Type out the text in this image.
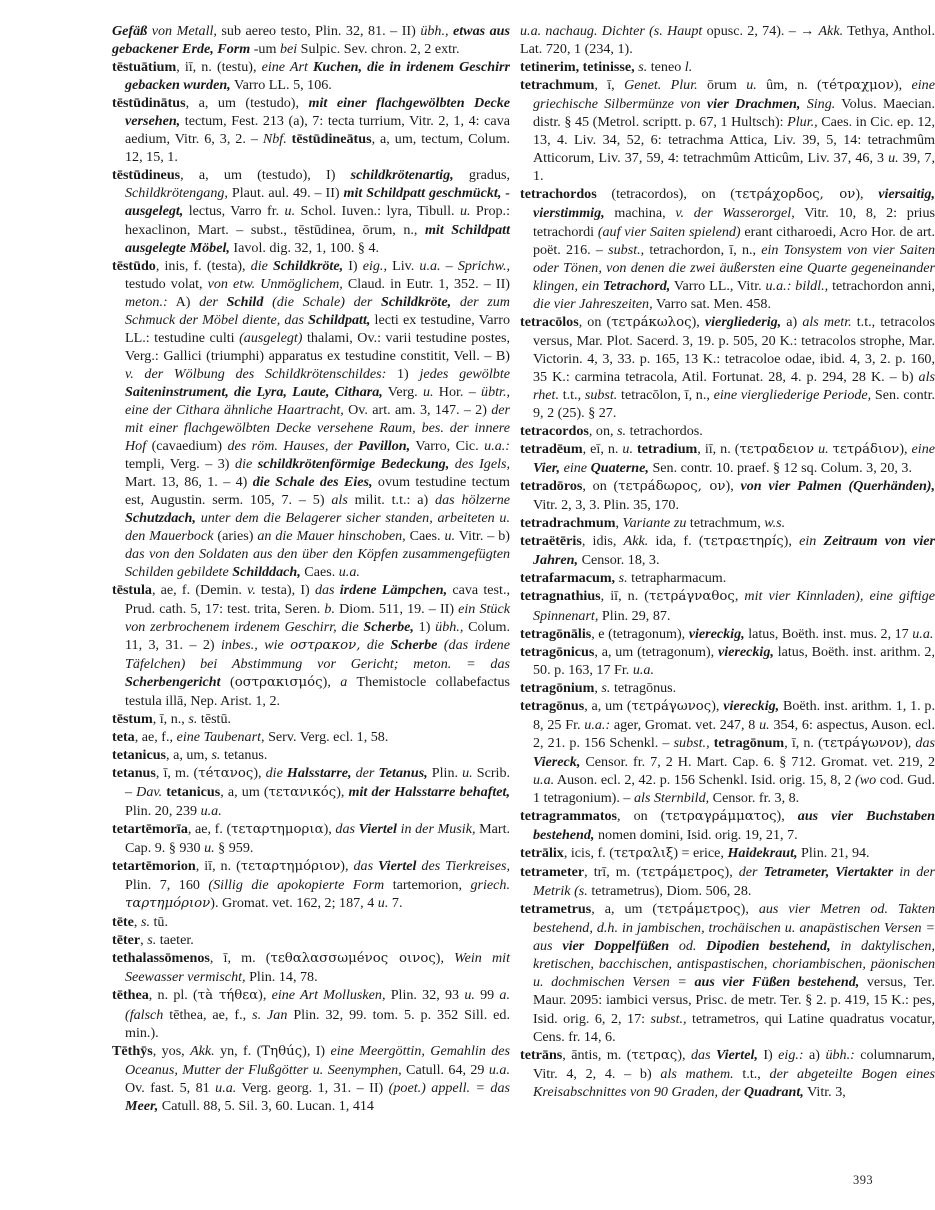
Gefäß von Metall, sub aereo testo, Plin. 32, 81. – II) übh., etwas aus gebackener Erde, Form -um bei Sulpic. Sev. chron. 2, 2 extr.

tēstuātium, iī, n. (testu), eine Art Kuchen, die in irdenem Geschirr gebacken wurden, Varro LL. 5, 106.

tēstūdinātus, a, um (testudo), mit einer flachgewölbten Decke versehen, tectum, Fest. 213 (a), 7: tecta turrium, Vitr. 2, 1, 4: cava aedium, Vitr. 6, 3, 2. – Nbf. tēstūdineātus, a, um, tectum, Colum. 12, 15, 1.

tēstūdineus, a, um (testudo), I) schildkrötenartig, gradus, Schildkrötengang, Plaut. aul. 49. – II) mit Schildpatt geschmückt, -ausgelegt, lectus, Varro fr. u. Schol. Iuven.: lyra, Tibull. u. Prop.: hexaclinon, Mart. – subst., tēstūdinea, ōrum, n., mit Schildpatt ausgelegte Möbel, Iavol. dig. 32, 1, 100. § 4.

tēstūdo, inis, f. (testa), die Schildkröte, I) eig., Liv. u.a. – Sprichw., testudo volat, von etw. Unmöglichem, Claud. in Eutr. 1, 352. – II) meton.: A) der Schild (die Schale) der Schildkröte, der zum Schmuck der Möbel diente, das Schildpatt, lecti ex testudine, Varro LL.: testudine culti (ausgelegt) thalami, Ov.: varii testudine postes, Verg.: Gallici (triumphi) apparatus ex testudine constitit, Vell. – B) v. der Wölbung des Schildkrötenschildes: 1) jedes gewölbte Saiteninstrument, die Lyra, Laute, Cithara, Verg. u. Hor. – übtr., eine der Cithara ähnliche Haartracht, Ov. art. am. 3, 147. – 2) der mit einer flachgewölbten Decke versehene Raum, bes. der innere Hof (cavaedium) des röm. Hauses, der Pavillon, Varro, Cic. u.a.: templi, Verg. – 3) die schildkrötenförmige Bedeckung, des Igels, Mart. 13, 86, 1. – 4) die Schale des Eies, ovum testudine tectum est, Augustin. serm. 105, 7. – 5) als milit. t.t.: a) das hölzerne Schutzdach, unter dem die Belagerer sicher standen, arbeiteten u. den Mauerbock (aries) an die Mauer hinschoben, Caes. u. Vitr. – b) das von den Soldaten aus den über den Köpfen zusammengefügten Schilden gebildete Schilddach, Caes. u.a.

tēstula, ae, f. (Demin. v. testa), I) das irdene Lämpchen, cava test., Prud. cath. 5, 17: test. trita, Seren. b. Diom. 511, 19. – II) ein Stück von zerbrochenem irdenem Geschirr, die Scherbe, 1) übh., Colum. 11, 3, 31. – 2) inbes., wie οστρακον, die Scherbe (das irdene Täfelchen) bei Abstimmung vor Gericht; meton. = das Scherbengericht (οστρακισμóς), a Themistocle collabefactus testula illā, Nep. Arist. 1, 2.

tēstum, ī, n., s. tēstū.

teta, ae, f., eine Taubenart, Serv. Verg. ecl. 1, 58.

tetanicus, a, um, s. tetanus.

tetanus, ī, m. (τéτανος), die Halsstarre, der Tetanus, Plin. u. Scrib. – Dav. tetanicus, a, um (τετανικóς), mit der Halsstarre behaftet, Plin. 20, 239 u.a.

tetartēmorīa, ae, f. (τεταρτημορια), das Viertel in der Musik, Mart. Cap. 9. § 930 u. § 959.

tetartēmorion, iī, n. (τεταρτημóριον), das Viertel des Tierkreises, Plin. 7, 160 (Sillig die apokopierte Form tartemorion, griech. ταρτημóριον). Gromat. vet. 162, 2; 187, 4 u. 7.

tēte, s. tū.

tēter, s. taeter.

tethalassōmenos, ī, m. (τεθαλασσωμéνος οινος), Wein mit Seewasser vermischt, Plin. 14, 78.

tēthea, n. pl. (τà τήθεα), eine Art Mollusken, Plin. 32, 93 u. 99 a. (falsch tēthea, ae, f., s. Jan Plin. 32, 99. tom. 5. p. 352 Sill. ed. min.).

Tēthȳs, yos, Akk. yn, f. (Τηθúς), I) eine Meergöttin, Gemahlin des Oceanus, Mutter der Flußgötter u. Seenymphen, Catull. 64, 29 u.a. Ov. fast. 5, 81 u.a. Verg. georg. 1, 31. – II) (poet.) appell. = das Meer, Catull. 88, 5. Sil. 3, 60. Lucan. 1, 414

u.a. nachaug. Dichter (s. Haupt opusc. 2, 74). – → Akk. Tethya, Anthol. Lat. 720, 1 (234, 1).

tetinerim, tetinisse, s. teneo l.

tetrachmum, ī, Genet. Plur. ōrum u. ûm, n. (τéτραχμον), eine griechische Silbermünze von vier Drachmen, Sing. Volus. Maecian. distr. § 45 (Metrol. scriptt. p. 67, 1 Hultsch): Plur., Caes. in Cic. ep. 12, 13, 4. Liv. 34, 52, 6: tetrachma Attica, Liv. 39, 5, 14: tetrachmûm Atticorum, Liv. 37, 59, 4: tetrachmûm Atticûm, Liv. 37, 46, 3 u. 39, 7, 1.

tetrachordos (tetracordos), on (τετρáχορδος, ον), viersaitig, vierstimmig, machina, v. der Wasserorgel, Vitr. 10, 8, 2: prius tetrachordi (auf vier Saiten spielend) erant citharoedi, Acro Hor. de art. poët. 216. – subst., tetrachordon, ī, n., ein Tonsystem von vier Saiten oder Tönen, von denen die zwei äußersten eine Quarte gegeneinander klingen, ein Tetrachord, Varro LL., Vitr. u.a.: bildl., tetrachordon anni, die vier Jahreszeiten, Varro sat. Men. 458.

tetracōlos, on (τετρáκωλος), viergliederig, a) als metr. t.t., tetracolos versus, Mar. Plot. Sacerd. 3, 19. p. 505, 20 K.: tetracolos strophe, Mar. Victorin. 4, 3, 33. p. 165, 13 K.: tetracoloe odae, ibid. 4, 3, 2. p. 160, 35 K.: carmina tetracola, Atil. Fortunat. 28, 4. p. 294, 28 K. – b) als rhet. t.t., subst. tetracōlon, ī, n., eine viergliederige Periode, Sen. contr. 9, 2 (25). § 27.

tetracordos, on, s. tetrachordos.

tetradēum, eī, n. u. tetradium, iī, n. (τετραδειον u. τετρáδιον), eine Vier, eine Quaterne, Sen. contr. 10. praef. § 12 sq. Colum. 3, 20, 3.

tetradōros, on (τετρáδωρος, ον), von vier Palmen (Querhänden), Vitr. 2, 3, 3. Plin. 35, 170.

tetradrachmum, Variante zu tetrachmum, w.s.

tetraëtēris, idis, Akk. ida, f. (τετραετηρíς), ein Zeitraum von vier Jahren, Censor. 18, 3.

tetrafarmacum, s. tetrapharmacum.

tetragnathius, iī, n. (τετρáγναθος, mit vier Kinnladen), eine giftige Spinnenart, Plin. 29, 87.

tetragōnālis, e (tetragonum), viereckig, latus, Boëth. inst. mus. 2, 17 u.a.

tetragōnicus, a, um (tetragonum), viereckig, latus, Boëth. inst. arithm. 2, 50. p. 163, 17 Fr. u.a.

tetragōnium, s. tetragōnus.

tetragōnus, a, um (τετρáγωνος), viereckig, Boëth. inst. arithm. 1, 1. p. 8, 25 Fr. u.a.: ager, Gromat. vet. 247, 8 u. 354, 6: aspectus, Auson. ecl. 2, 21. p. 156 Schenkl. – subst., tetragōnum, ī, n. (τετρáγωνον), das Viereck, Censor. fr. 7, 2 H. Mart. Cap. 6. § 712. Gromat. vet. 219, 2 u.a. Auson. ecl. 2, 42. p. 156 Schenkl. Isid. orig. 15, 8, 2 (wo cod. Gud. 1 tetragonium). – als Sternbild, Censor. fr. 3, 8.

tetragrammatos, on (τετραγρáμματος), aus vier Buchstaben bestehend, nomen domini, Isid. orig. 19, 21, 7.

tetrālix, icis, f. (τετραλιξ) = erice, Haidekraut, Plin. 21, 94.

tetrameter, trī, m. (τετρáμετρος), der Tetrameter, Viertakter in der Metrik (s. tetrametrus), Diom. 506, 28.

tetrametrus, a, um (τετρáμετρος), aus vier Metren od. Takten bestehend, d.h. in jambischen, trochäischen u. anapästischen Versen = aus vier Doppelfüßen od. Dipodien bestehend, in daktylischen, kretischen, bacchischen, antispastischen, choriambischen, päonischen u. dochmischen Versen = aus vier Füßen bestehend, versus, Ter. Maur. 2095: iambici versus, Prisc. de metr. Ter. § 2. p. 419, 15 K.: pes, Isid. orig. 6, 2, 17: subst., tetrametros, qui Latine quadratus vocatur, Cens. fr. 14, 6.

tetrāns, āntis, m. (τετρας), das Viertel, I) eig.: a) übh.: columnarum, Vitr. 4, 2, 4. – b) als mathem. t.t., der abgeteilte Bogen eines Kreisabschnittes von 90 Graden, der Quadrant, Vitr. 3,

393
